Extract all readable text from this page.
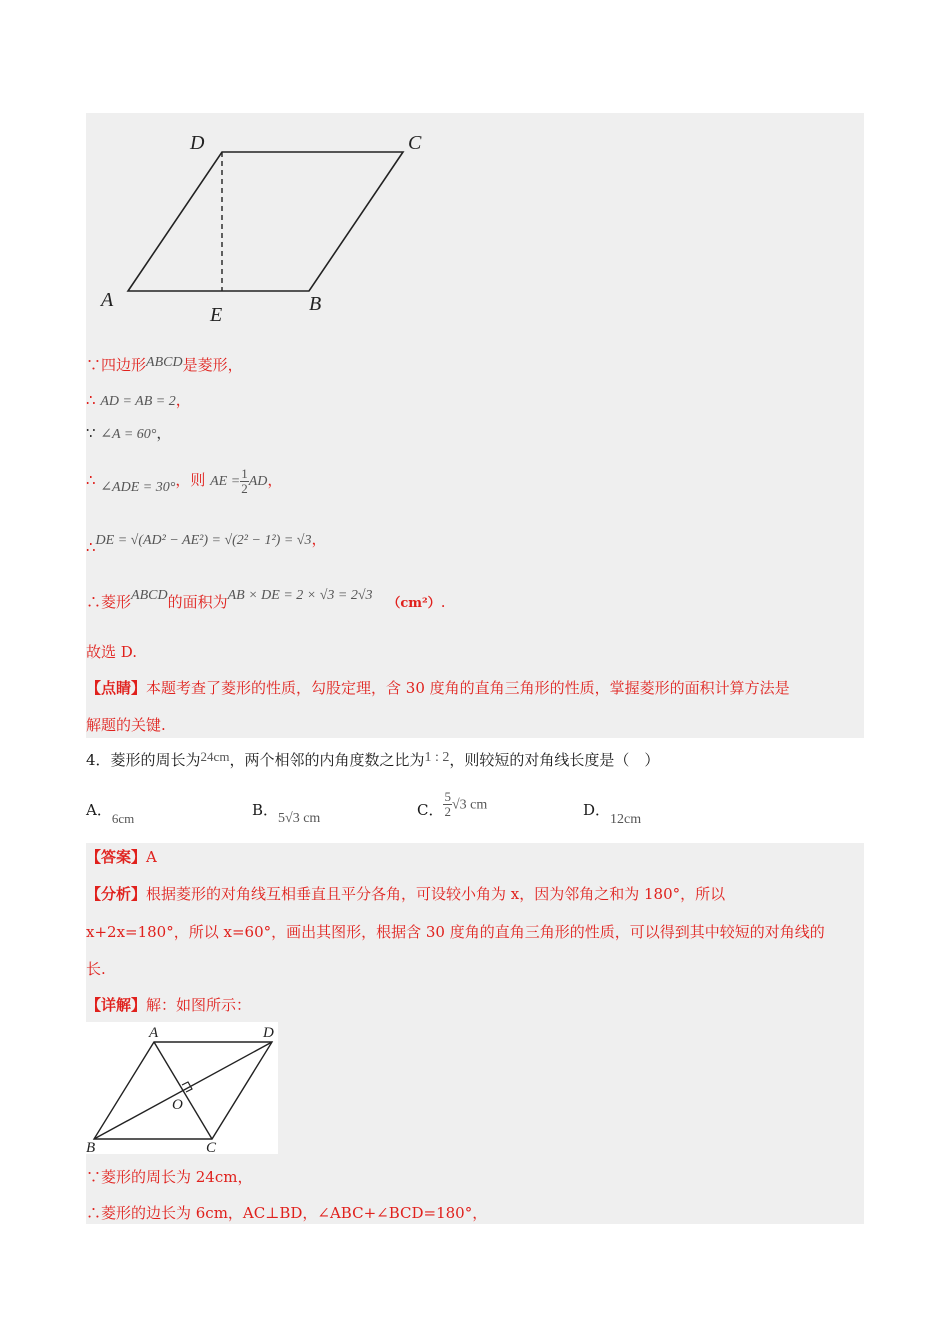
D	C
A	B
E
∵四边形ABCD是菱形，
∴ AD = AB = 2，
∵ ∠A = 60°，
∴ ∠ADE = 30°，则 AE = $\frac{1}{2}$ AD，
∴DE = √(AD² − AE²) = √(2² − 1²) = √3，
∴菱形ABCD的面积为AB × DE = 2 × √3 = 2√3 （cm²）.
故选 D.
【点睛】本题考查了菱形的性质，勾股定理，含 30 度角的直角三角形的性质，掌握菱形的面积计算方法是
解题的关键.
4．菱形的周长为24cm，两个相邻的内角度数之比为1 : 2，则较短的对角线长度是（　）
A．6cm	B．5√3 cm	C． $\frac{5}{2} √3$ cm	D．12cm
【答案】A
【分析】根据菱形的对角线互相垂直且平分各角，可设较小角为 x，因为邻角之和为 180°，所以
x+2x=180°，所以 x=60°，画出其图形，根据含 30 度角的直角三角形的性质，可以得到其中较短的对角线的
长.
【详解】解：如图所示：
A	D
O
B	C
∵菱形的周长为 24cm，
∴菱形的边长为 6cm，AC⊥BD，∠ABC+∠BCD=180°，
